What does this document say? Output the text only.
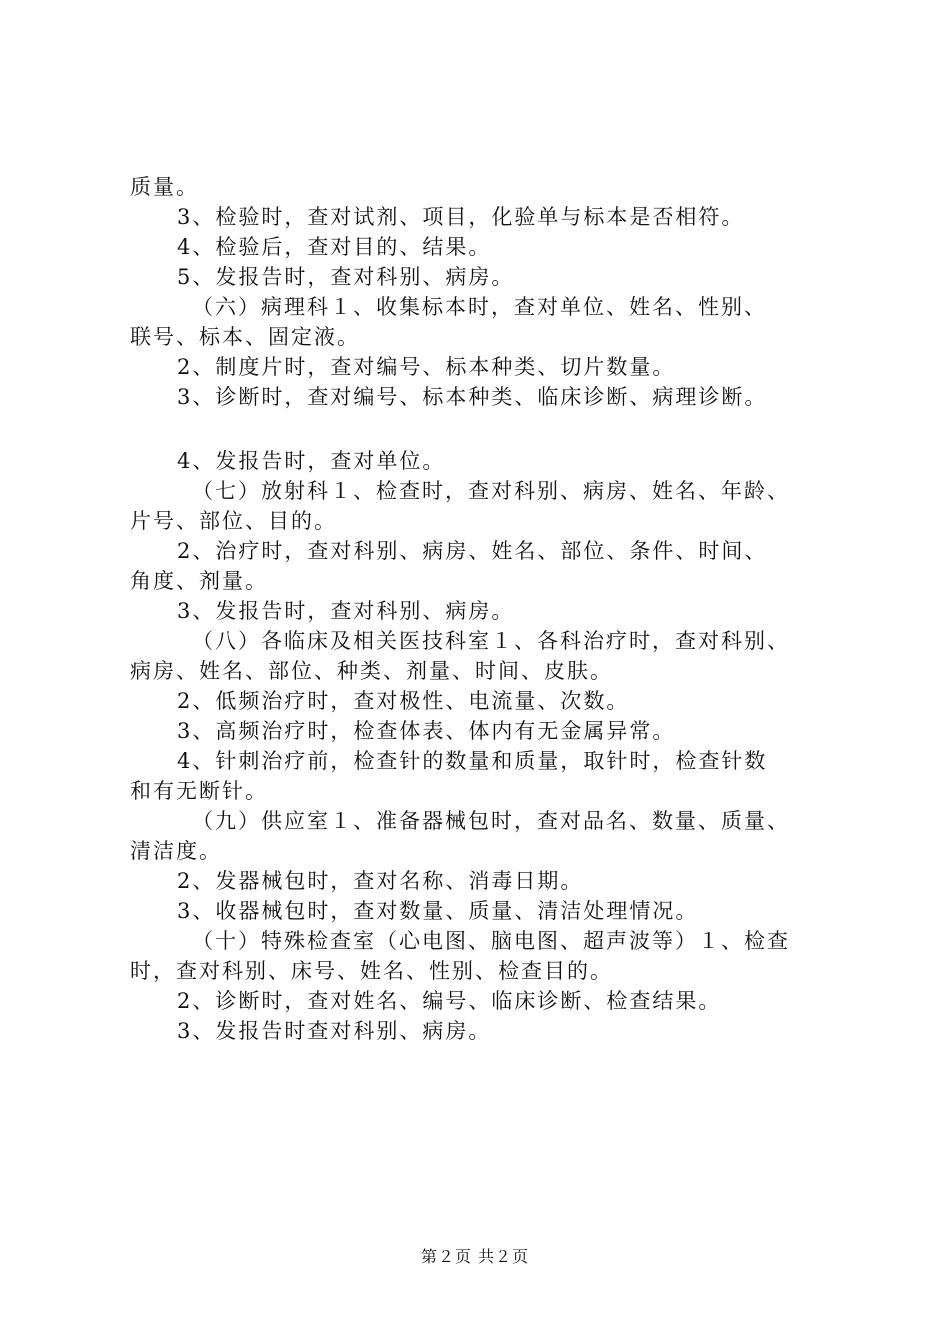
质量。
3、检验时，查对试剂、项目，化验单与标本是否相符。
4、检验后，查对目的、结果。
5、发报告时，查对科别、病房。
（六）病理科１、收集标本时，查对单位、姓名、性别、
联号、标本、固定液。
2、制度片时，查对编号、标本种类、切片数量。
3、诊断时，查对编号、标本种类、临床诊断、病理诊断。
4、发报告时，查对单位。
（七）放射科１、检查时，查对科别、病房、姓名、年龄、
片号、部位、目的。
2、治疗时，查对科别、病房、姓名、部位、条件、时间、
角度、剂量。
3、发报告时，查对科别、病房。
（八）各临床及相关医技科室１、各科治疗时，查对科别、
病房、姓名、部位、种类、剂量、时间、皮肤。
2、低频治疗时，查对极性、电流量、次数。
3、高频治疗时，检查体表、体内有无金属异常。
4、针刺治疗前，检查针的数量和质量，取针时，检查针数
和有无断针。
（九）供应室１、准备器械包时，查对品名、数量、质量、
清洁度。
2、发器械包时，查对名称、消毒日期。
3、收器械包时，查对数量、质量、清洁处理情况。
（十）特殊检查室（心电图、脑电图、超声波等）１、检查
时，查对科别、床号、姓名、性别、检查目的。
2、诊断时，查对姓名、编号、临床诊断、检查结果。
3、发报告时查对科别、病房。
第２页 共２页
